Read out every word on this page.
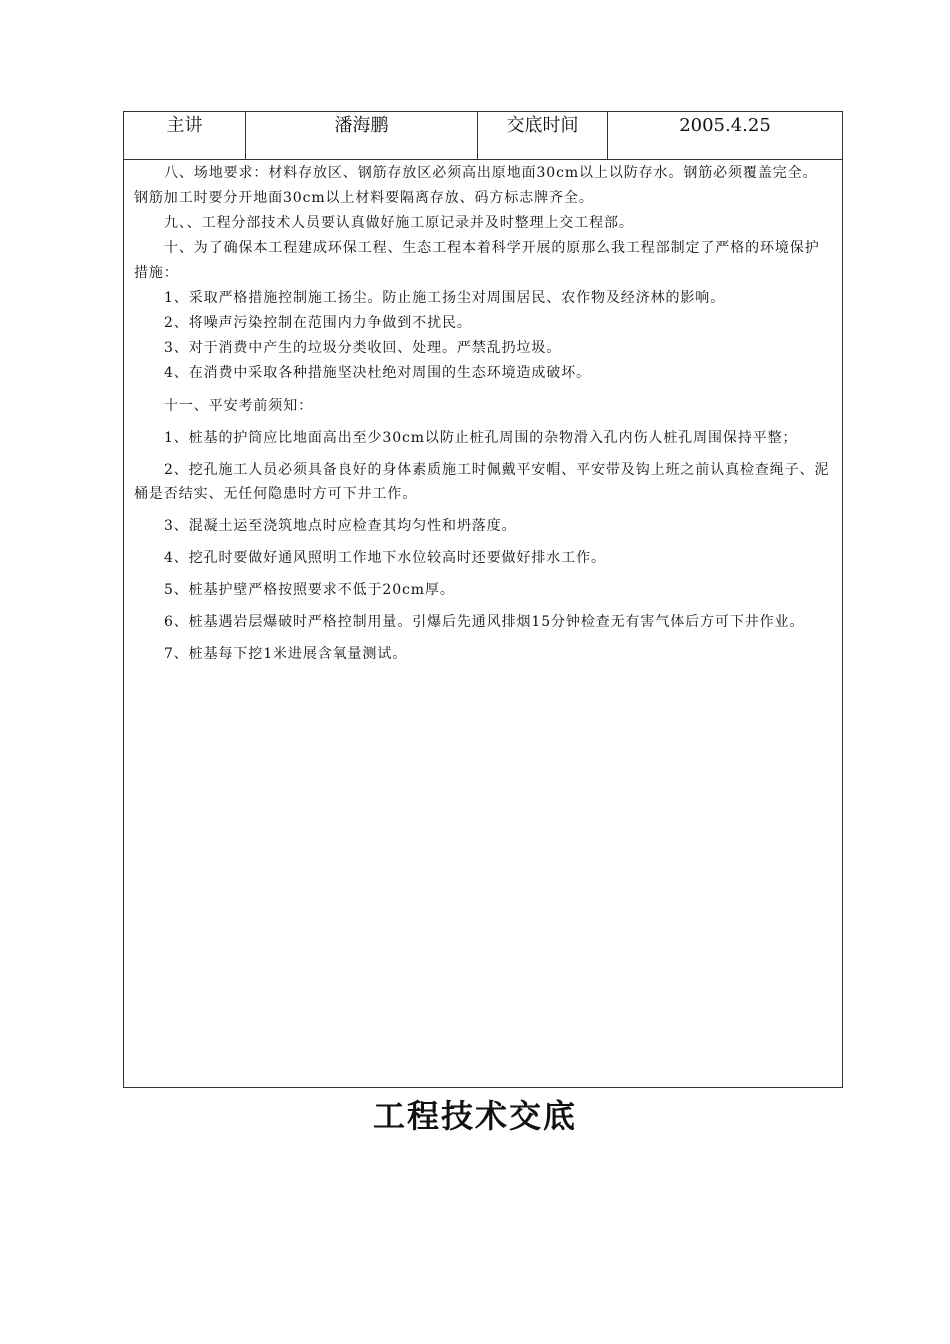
主讲	潘海鹏	交底时间	2005.4.25

八、场地要求：材料存放区、钢筋存放区必须高出原地面30cm以上以防存水。钢筋必须覆盖完全。钢筋加工时要分开地面30cm以上材料要隔离存放、码方标志牌齐全。

九、、工程分部技术人员要认真做好施工原记录并及时整理上交工程部。

十、为了确保本工程建成环保工程、生态工程本着科学开展的原那么我工程部制定了严格的环境保护措施：

1、采取严格措施控制施工扬尘。防止施工扬尘对周围居民、农作物及经济林的影响。

2、将噪声污染控制在范围内力争做到不扰民。

3、对于消费中产生的垃圾分类收回、处理。严禁乱扔垃圾。

4、在消费中采取各种措施坚决杜绝对周围的生态环境造成破坏。

十一、平安考前须知：

1、桩基的护筒应比地面高出至少30cm以防止桩孔周围的杂物滑入孔内伤人桩孔周围保持平整；

2、挖孔施工人员必须具备良好的身体素质施工时佩戴平安帽、平安带及钩上班之前认真检查绳子、泥桶是否结实、无任何隐患时方可下井工作。

3、混凝土运至浇筑地点时应检查其均匀性和坍落度。

4、挖孔时要做好通风照明工作地下水位较高时还要做好排水工作。

5、桩基护壁严格按照要求不低于20cm厚。

6、桩基遇岩层爆破时严格控制用量。引爆后先通风排烟15分钟检查无有害气体后方可下井作业。

7、桩基每下挖1米进展含氧量测试。

工程技术交底
